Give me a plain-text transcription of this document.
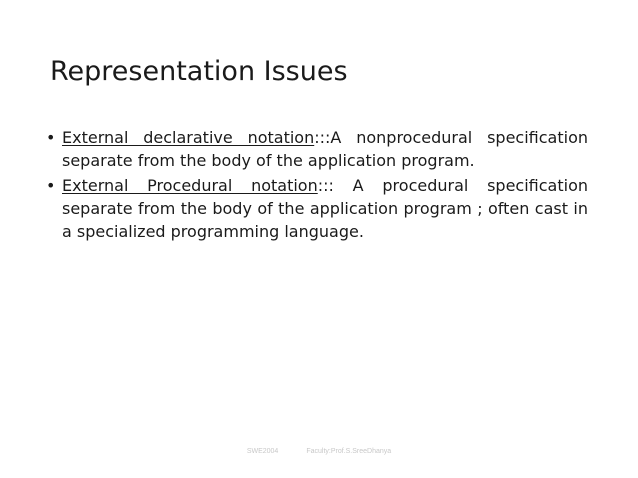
Representation Issues
• External declarative notation:::A nonprocedural specification separate from the body of the application program.
• External Procedural notation::: A procedural specification separate from the body of the application program ; often cast in a specialized programming language.
SWE2004	Faculty:Prof.S.SreeDhanya
